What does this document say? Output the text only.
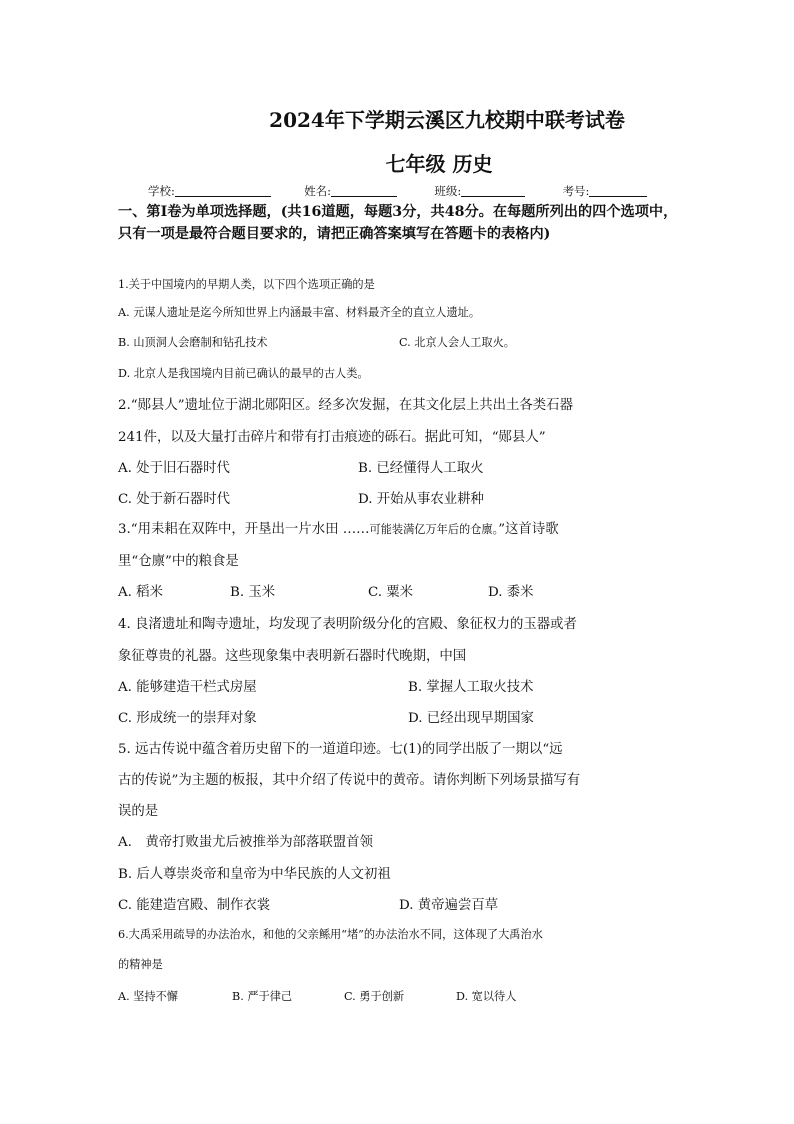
2024年下学期云溪区九校期中联考试卷
七年级 历史
学校:	姓名:	班级:	考号:
一、第Ⅰ卷为单项选择题，(共16道题，每题3分，共48分。在每题所列出的四个选项中，只有一项是最符合题目要求的，请把正确答案填写在答题卡的表格内)
1.关于中国境内的早期人类，以下四个选项正确的是
A. 元谋人遗址是迄今所知世界上内涵最丰富、材料最齐全的直立人遗址。
B. 山顶洞人会磨制和钻孔技术	C. 北京人会人工取火。
D. 北京人是我国境内目前已确认的最早的古人类。
2.“郧县人”遗址位于湖北郧阳区。经多次发掘，在其文化层上共出土各类石器
241件，以及大量打击碎片和带有打击痕迹的砾石。据此可知，“郧县人”
A. 处于旧石器时代	B. 已经懂得人工取火
C. 处于新石器时代	D. 开始从事农业耕种
3.“用耒耜在双阵中，开垦出一片水田 ……可能装满亿万年后的仓廪。”这首诗歌
里“仓廪”中的粮食是
A. 稻米	B. 玉米	C. 粟米	D. 黍米
4. 良渚遗址和陶寺遗址，均发现了表明阶级分化的宫殿、象征权力的玉器或者
象征尊贵的礼器。这些现象集中表明新石器时代晚期，中国
A. 能够建造干栏式房屋	B. 掌握人工取火技术
C. 形成统一的崇拜对象	D. 已经出现早期国家
5. 远古传说中蕴含着历史留下的一道道印迹。七(1)的同学出版了一期以“远
古的传说”为主题的板报，其中介绍了传说中的黄帝。请你判断下列场景描写有
误的是
A.　黄帝打败蚩尤后被推举为部落联盟首领
B. 后人尊崇炎帝和皇帝为中华民族的人文初祖
C. 能建造宫殿、制作衣裳	D. 黄帝遍尝百草
6.大禹采用疏导的办法治水，和他的父亲鲧用“堵”的办法治水不同，这体现了大禹治水
的精神是
A. 坚持不懈	B. 严于律己	C. 勇于创新	D. 宽以待人
